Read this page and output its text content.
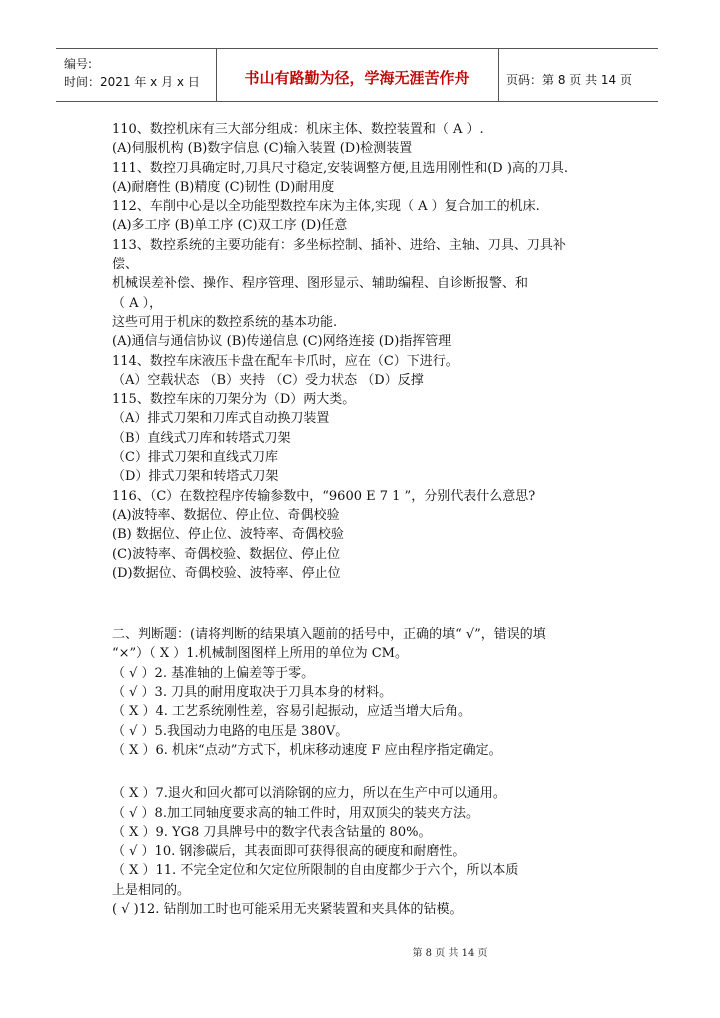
编号:
时间：2021 年 x 月 x 日	书山有路勤为径，学海无涯苦作舟	页码：第 8 页 共 14 页
110、数控机床有三大部分组成：机床主体、数控装置和（ A ）.
(A)伺服机构 (B)数字信息 (C)输入装置 (D)检测装置
111、数控刀具确定时,刀具尺寸稳定,安装调整方便,且选用刚性和(D )高的刀具.
(A)耐磨性 (B)精度 (C)韧性 (D)耐用度
112、车削中心是以全功能型数控车床为主体,实现（ A ）复合加工的机床.
(A)多工序 (B)单工序 (C)双工序 (D)任意
113、数控系统的主要功能有：多坐标控制、插补、进给、主轴、刀具、刀具补
偿、
机械误差补偿、操作、程序管理、图形显示、辅助编程、自诊断报警、和
（ A ），
这些可用于机床的数控系统的基本功能.
(A)通信与通信协议 (B)传递信息 (C)网络连接 (D)指挥管理
114、数控车床液压卡盘在配车卡爪时，应在（C）下进行。
（A）空载状态 （B）夹持 （C）受力状态 （D）反撑
115、数控车床的刀架分为（D）两大类。
（A）排式刀架和刀库式自动换刀装置
（B）直线式刀库和转塔式刀架
（C）排式刀架和直线式刀库
（D）排式刀架和转塔式刀架
116、（C）在数控程序传输参数中，“9600 E 7 1 ”，分别代表什么意思?
(A)波特率、数据位、停止位、奇偶校验
(B) 数据位、停止位、波特率、奇偶校验
(C)波特率、奇偶校验、数据位、停止位
(D)数据位、奇偶校验、波特率、停止位
二、判断题：(请将判断的结果填入题前的括号中，正确的填“ √”，错误的填
“×”）（ X ）1.机械制图图样上所用的单位为 CM。
（ √ ）2. 基准轴的上偏差等于零。
（ √ ）3. 刀具的耐用度取决于刀具本身的材料。
（ X ）4. 工艺系统刚性差，容易引起振动，应适当增大后角。
（ √ ）5.我国动力电路的电压是 380V。
（ X ）6. 机床“点动”方式下，机床移动速度 F 应由程序指定确定。
（ X ）7.退火和回火都可以消除钢的应力，所以在生产中可以通用。
（ √ ）8.加工同轴度要求高的轴工件时，用双顶尖的装夹方法。
（ X ）9. YG8 刀具牌号中的数字代表含钴量的 80%。
（ √ ）10. 钢渗碳后，其表面即可获得很高的硬度和耐磨性。
（ X ）11. 不完全定位和欠定位所限制的自由度都少于六个，所以本质
上是相同的。
( √ )12. 钻削加工时也可能采用无夹紧装置和夹具体的钻模。
第 8 页 共 14 页
